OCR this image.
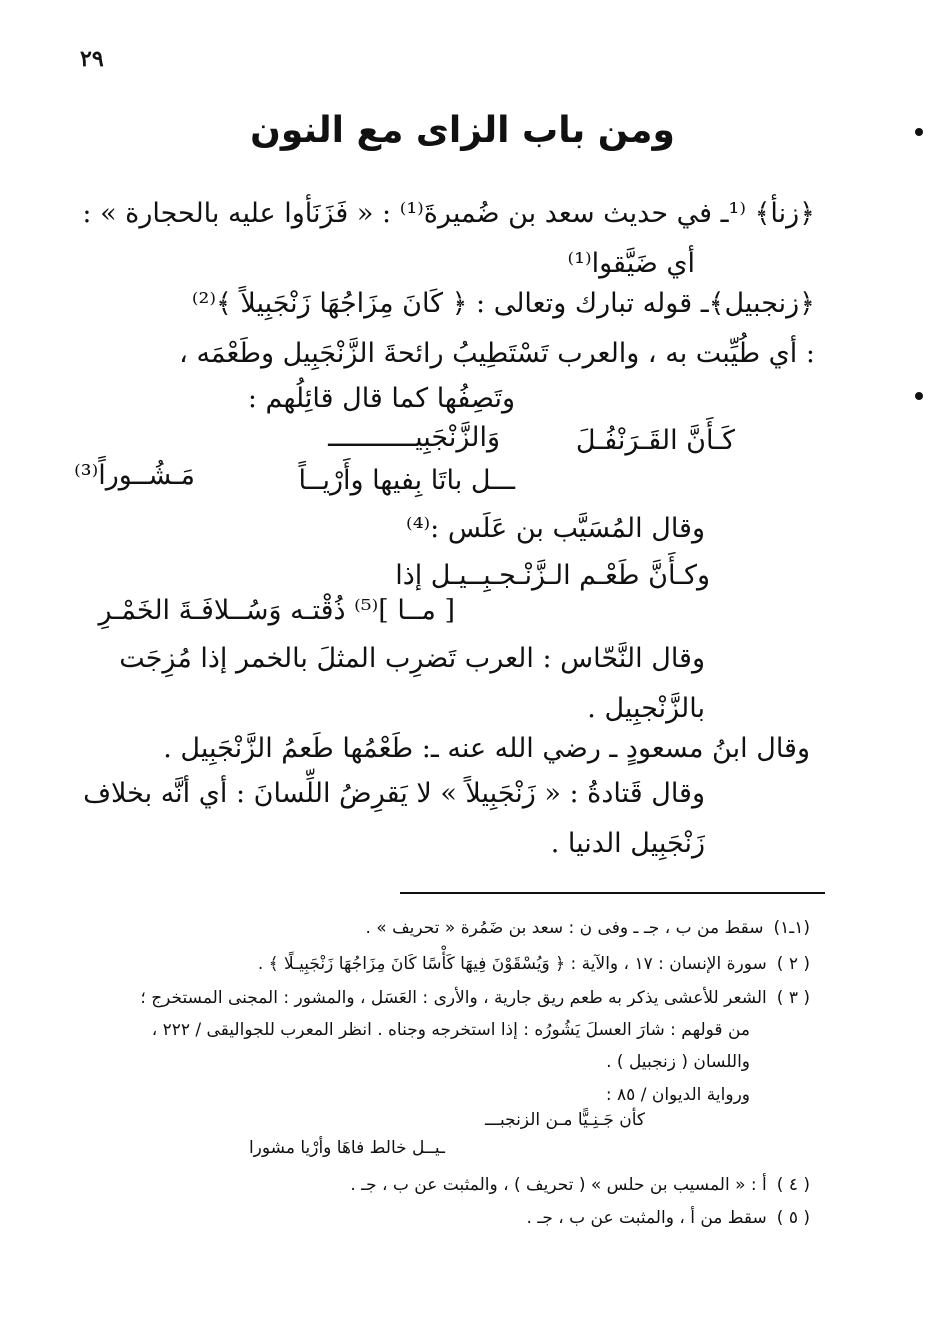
٢٩
ومن باب الزاى مع النون
﴿زنأ﴾ ⁽¹ـ في حديث سعد بن ضُميرةَ⁽¹⁾ : « فَزَنَأوا عليه بالحجارة » :
أي ضَيَّقوا⁽¹⁾
﴿زنجبيل﴾ـ قوله تبارك وتعالى : ﴿ كَانَ مِزَاجُهَا زَنْجَبِيلاً ﴾⁽²⁾
: أي طُيِّبت به ، والعرب تَسْتَطِيبُ رائحةَ الزَّنْجَبِيل وطَعْمَه ،
وتَصِفُها كما قال قائِلُهم :
كَـأَنَّ القَـرَنْفُـلَ
وَالزَّنْجَبِيـــــــــــ
ـــل باتَا بِفيها وأَرْيــاً
مَـشُــوراً⁽³⁾
وقال المُسَيَّب بن عَلَس :⁽⁴⁾
وكـأَنَّ طَعْـم الـزَّنْـجـبِــيـل إذا
[ مــا ]⁽⁵⁾ ذُقْتـه وَسُــلافَـةَ الخَمْـرِ
وقال النَّحّاس : العرب تَضرِب المثلَ بالخمر إذا مُزِجَت
بالزَّنْجبِيل .
وقال ابنُ مسعودٍ ـ رضي الله عنه ـ: طَعْمُها طَعمُ الزَّنْجَبِيل .
وقال قَتادةُ : « زَنْجَبِيلاً » لا يَقرِضُ اللِّسانَ : أي أنَّه بخلاف
زَنْجَبِيل الدنيا .
(١ـ١)سقط من ب ، جـ ـ وفى ن : سعد بن ضَمُرة « تحريف » .
( ٢ )سورة الإنسان : ١٧ ، والآية : ﴿ وَيُسْقَوْنَ فِيهَا كَأْسًا كَانَ مِزَاجُهَا زَنْجَبِيـلًا ﴾ .
( ٣ )الشعر للأعشى يذكر به طعم ريق جارية ، والأرى : العَسَل ، والمشور : المجنى المستخرج ؛
من قولهم : شارَ العسلَ يَشُورُه : إذا استخرجه وجناه . انظر المعرب للجواليقى / ٢٢٢ ،
واللسان ( زنجبيل ) .
ورواية الديوان / ٨٥ :
كأن جَـنِـيًّا مـن الزنجبـــ
ـيــل خالط فاهَا وأرْيا مشورا
( ٤ )أ : « المسيب بن حلس » ( تحريف ) ، والمثبت عن ب ، جـ .
( ٥ )سقط من أ ، والمثبت عن ب ، جـ .
